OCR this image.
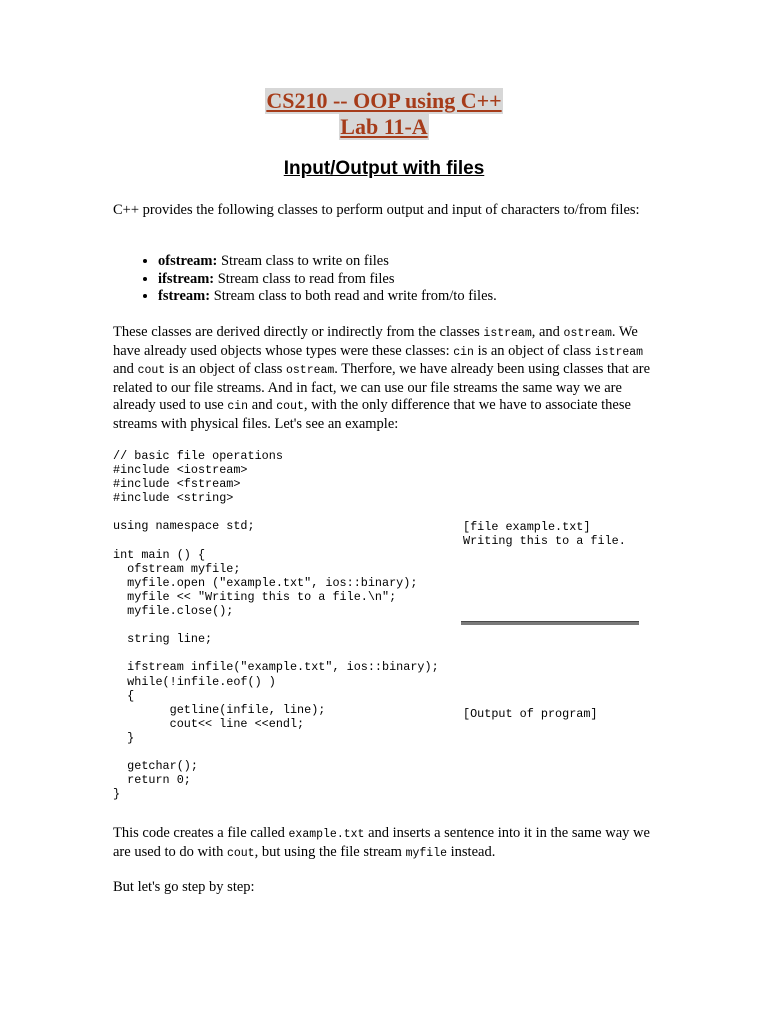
CS210 -- OOP using C++
Lab 11-A
Input/Output with files
C++ provides the following classes to perform output and input of characters to/from files:
• ofstream: Stream class to write on files
• ifstream: Stream class to read from files
• fstream: Stream class to both read and write from/to files.
These classes are derived directly or indirectly from the classes istream, and ostream. We have already used objects whose types were these classes: cin is an object of class istream and cout is an object of class ostream. Therfore, we have already been using classes that are related to our file streams. And in fact, we can use our file streams the same way we are already used to use cin and cout, with the only difference that we have to associate these streams with physical files. Let's see an example:
// basic file operations
#include <iostream>
#include <fstream>
#include <string>

using namespace std;

int main () {
ofstream myfile;
myfile.open ("example.txt", ios::binary);
myfile << "Writing this to a file.\n";
myfile.close();

string line;

ifstream infile("example.txt", ios::binary);
while(!infile.eof() )
{
getline(infile, line);
cout<< line <<endl;
}

getchar();
return 0;
}
[file example.txt]
Writing this to a file.
[Output of program]
This code creates a file called example.txt and inserts a sentence into it in the same way we are used to do with cout, but using the file stream myfile instead.
But let's go step by step:
